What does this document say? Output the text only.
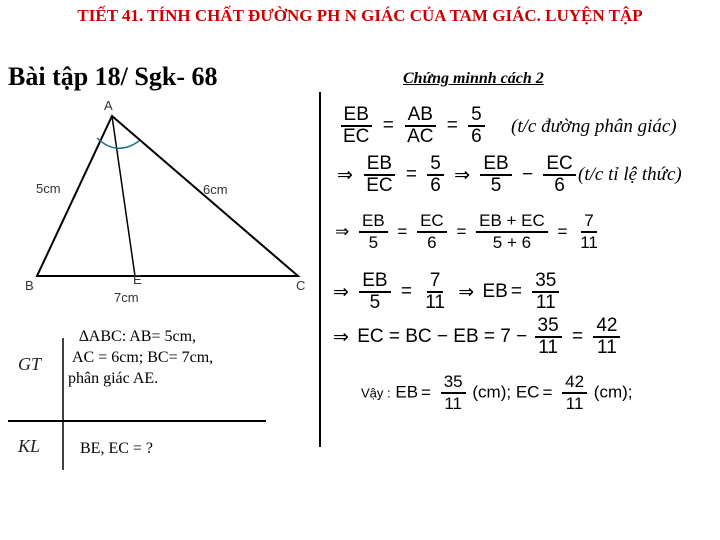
TIẾT 41. TÍNH CHẤT ĐƯỜNG PH N GIÁC CỦA TAM GIÁC. LUYỆN TẬP
Bài tập 18/ Sgk- 68	Chứng minnh cách 2
A
B	C
E
5cm	6cm
7cm
GT
∆ABC: AB= 5cm,
AC = 6cm; BC= 7cm,
phân giác AE.
KL BE, EC = ?
$\frac{EB}{EC} = \frac{AB}{AC} = \frac{5}{6} (t/c$ đường phân giác)
⇒ $\frac{EB}{EC} = \frac{5}{6}$ ⇒ $\frac{EB}{5} - \frac{EC}{6} (t/c$ tỉ lệ thức)
⇒ $\frac{EB}{5} = \frac{EC}{6} = \frac{EB + EC}{5 + 6} = \frac{7}{11}$
⇒ $\frac{EB}{5} = \frac{7}{11}$ ⇒ EB = $\frac{35}{11}$
⇒ EC = BC − EB = $7 - \frac{35}{11} = \frac{42}{11}$
Vậy : EB = $\frac{35}{11} (cm)$; EC = $\frac{42}{11} (cm)$;
